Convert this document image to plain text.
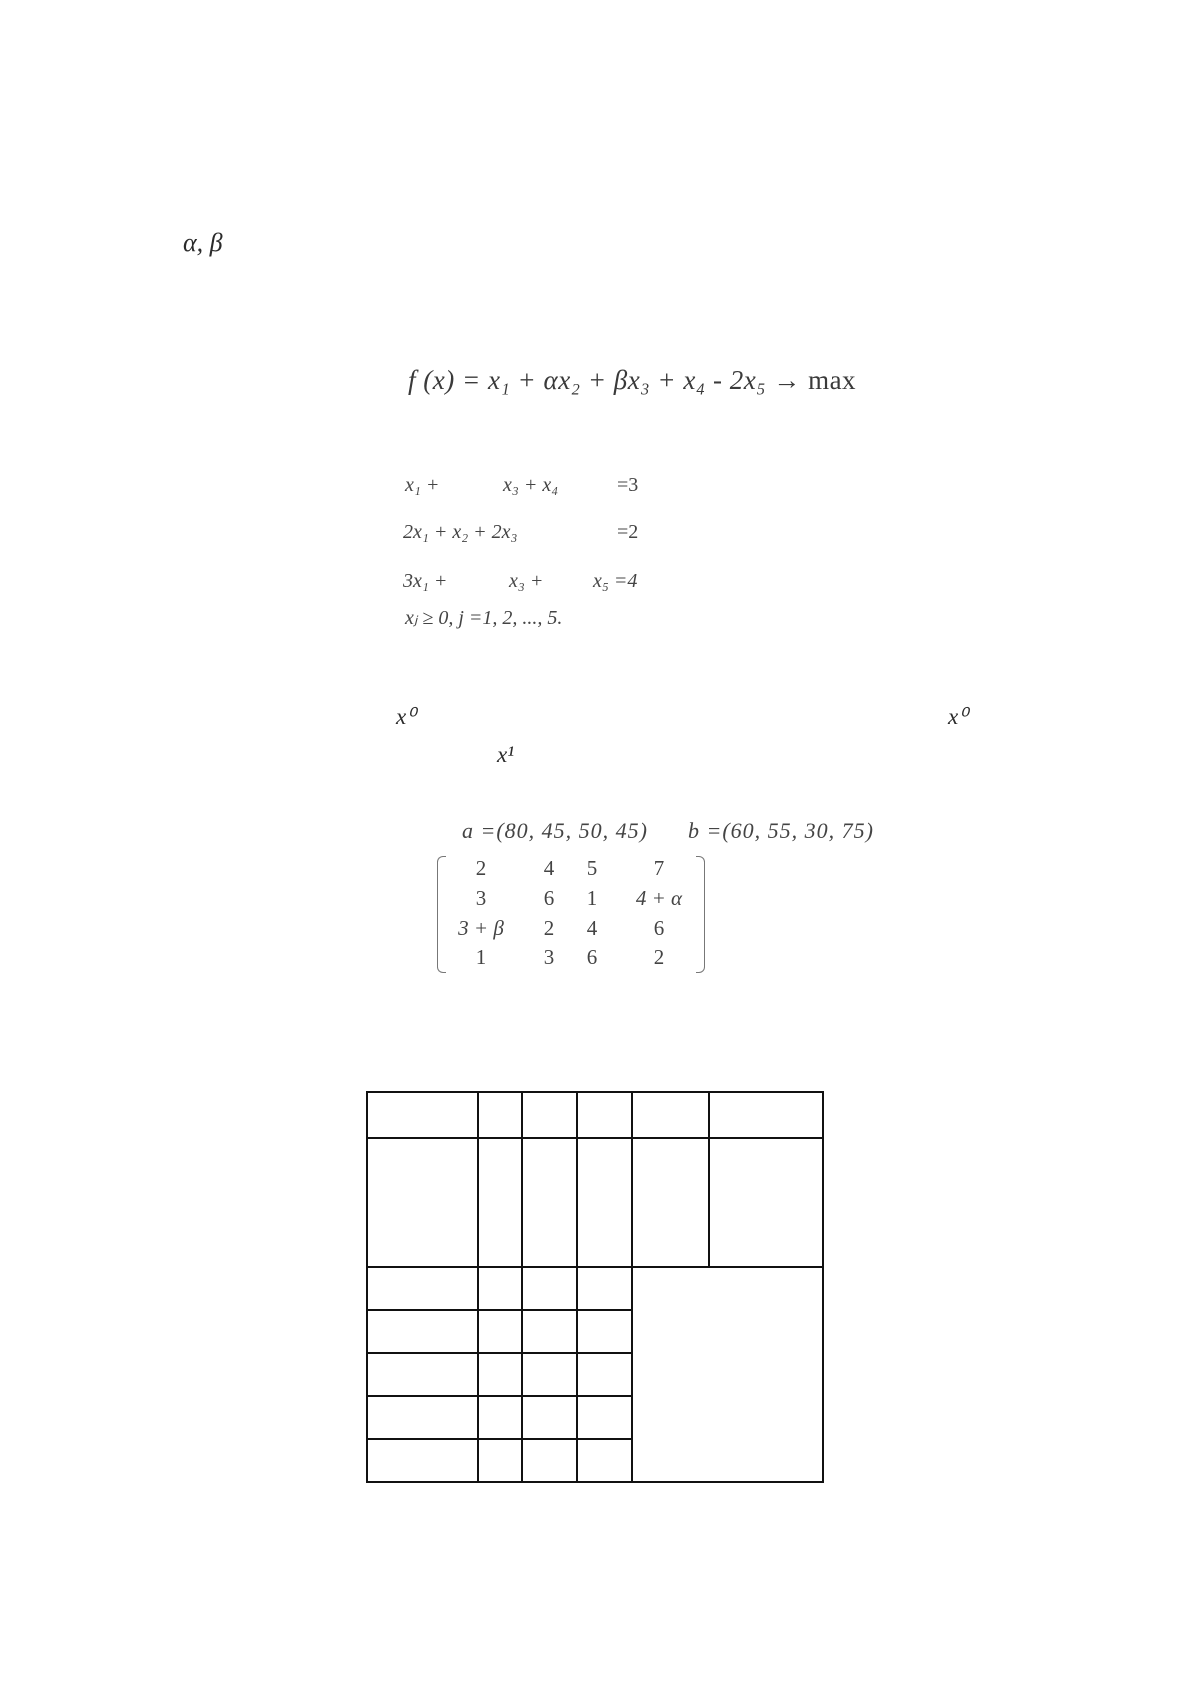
α, β
f (x) = x₁ + αx₂ + βx₃ + x₄ - 2x₅ → max
x₁ +	x₃ + x₄	=3
2x₁ + x₂ + 2x₃	=2
3x₁ +	x₃ + x₅ =4
xⱼ ≥ 0, j =1, 2, ..., 5.
x⁰	x⁰
x¹
a =(80, 45, 50, 45) b =(60, 55, 30, 75)
2	4	5	7
3	6	1	4 + α
3 + β	2	4	6
1	3	6	2
